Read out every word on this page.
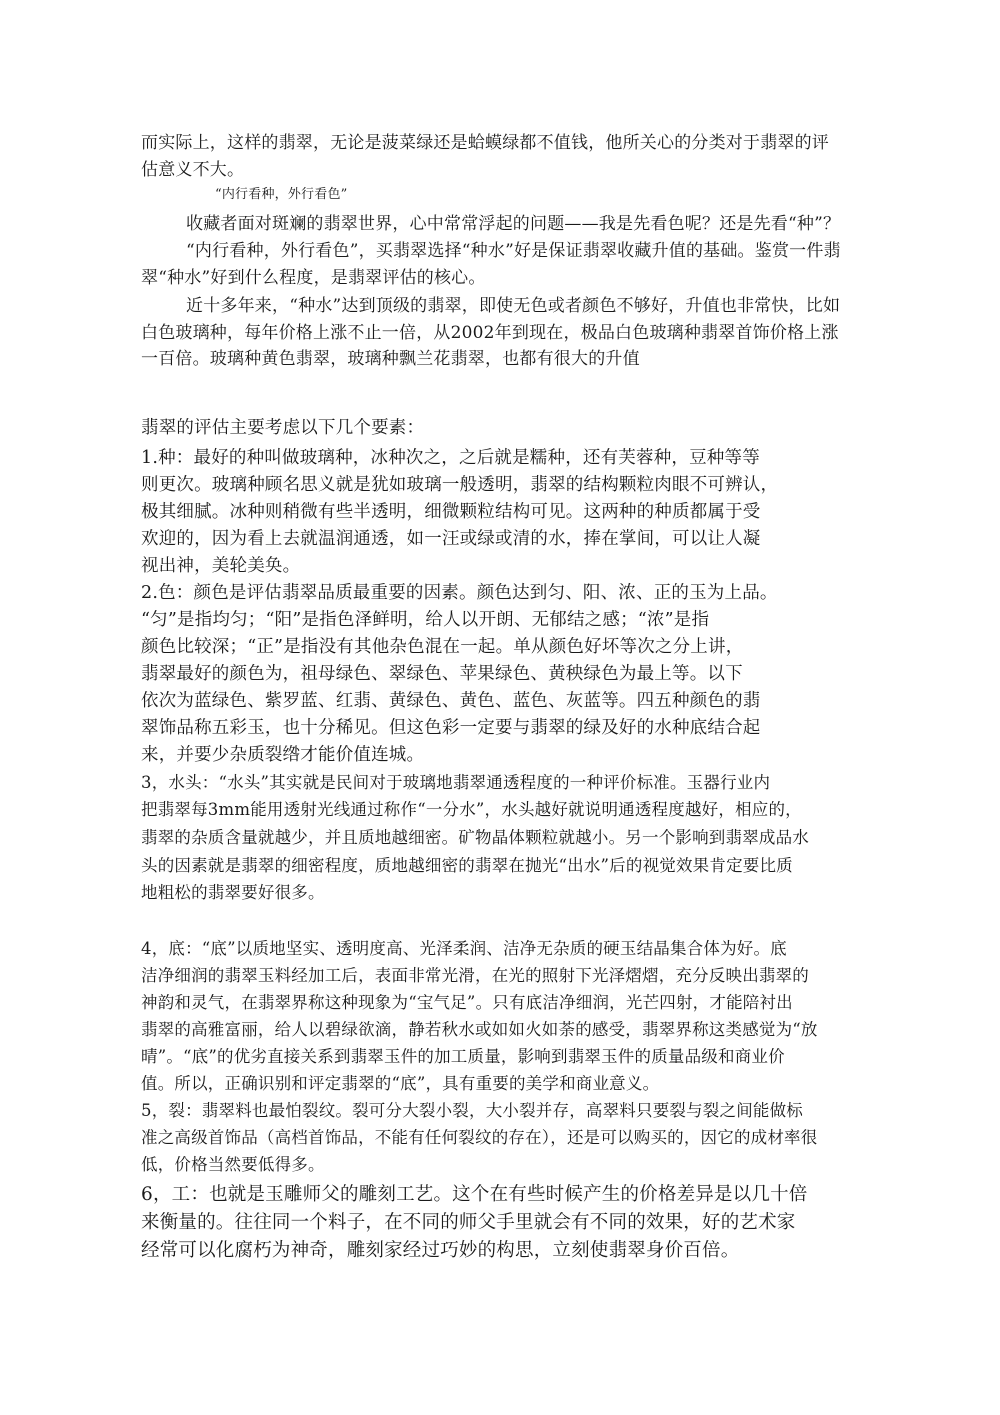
而实际上，这样的翡翠，无论是菠菜绿还是蛤蟆绿都不值钱，他所关心的分类对于翡翠的评
估意义不大。
“内行看种，外行看色”
收藏者面对斑斓的翡翠世界，心中常常浮起的问题——我是先看色呢？还是先看“种”？
“内行看种，外行看色”，买翡翠选择“种水”好是保证翡翠收藏升值的基础。鉴赏一件翡
翠“种水”好到什么程度，是翡翠评估的核心。
近十多年来，“种水”达到顶级的翡翠，即使无色或者颜色不够好，升值也非常快，比如
白色玻璃种，每年价格上涨不止一倍，从2002年到现在，极品白色玻璃种翡翠首饰价格上涨
一百倍。玻璃种黄色翡翠，玻璃种飘兰花翡翠，也都有很大的升值
翡翠的评估主要考虑以下几个要素：
1.种：最好的种叫做玻璃种，冰种次之，之后就是糯种，还有芙蓉种，豆种等等
则更次。玻璃种顾名思义就是犹如玻璃一般透明，翡翠的结构颗粒肉眼不可辨认，
极其细腻。冰种则稍微有些半透明，细微颗粒结构可见。这两种的种质都属于受
欢迎的，因为看上去就温润通透，如一汪或绿或清的水，捧在掌间，可以让人凝
视出神，美轮美奂。
2.色：颜色是评估翡翠品质最重要的因素。颜色达到匀、阳、浓、正的玉为上品。
“匀”是指均匀；“阳”是指色泽鲜明，给人以开朗、无郁结之感；“浓”是指
颜色比较深；“正”是指没有其他杂色混在一起。单从颜色好坏等次之分上讲，
翡翠最好的颜色为，祖母绿色、翠绿色、苹果绿色、黄秧绿色为最上等。以下
依次为蓝绿色、紫罗蓝、红翡、黄绿色、黄色、蓝色、灰蓝等。四五种颜色的翡
翠饰品称五彩玉，也十分稀见。但这色彩一定要与翡翠的绿及好的水种底结合起
来，并要少杂质裂绺才能价值连城。
3，水头：“水头”其实就是民间对于玻璃地翡翠通透程度的一种评价标准。玉器行业内
把翡翠每3mm能用透射光线通过称作“一分水”，水头越好就说明通透程度越好，相应的，
翡翠的杂质含量就越少，并且质地越细密。矿物晶体颗粒就越小。另一个影响到翡翠成品水
头的因素就是翡翠的细密程度，质地越细密的翡翠在抛光“出水”后的视觉效果肯定要比质
地粗松的翡翠要好很多。
4，底：“底”以质地坚实、透明度高、光泽柔润、洁净无杂质的硬玉结晶集合体为好。底
洁净细润的翡翠玉料经加工后，表面非常光滑，在光的照射下光泽熠熠，充分反映出翡翠的
神韵和灵气，在翡翠界称这种现象为“宝气足”。只有底洁净细润，光芒四射，才能陪衬出
翡翠的高雅富丽，给人以碧绿欲滴，静若秋水或如如火如荼的感受，翡翠界称这类感觉为“放
晴”。“底”的优劣直接关系到翡翠玉件的加工质量，影响到翡翠玉件的质量品级和商业价
值。所以，正确识别和评定翡翠的“底”，具有重要的美学和商业意义。
5，裂：翡翠料也最怕裂纹。裂可分大裂小裂，大小裂并存，高翠料只要裂与裂之间能做标
准之高级首饰品（高档首饰品，不能有任何裂纹的存在），还是可以购买的，因它的成材率很
低，价格当然要低得多。
6，工：也就是玉雕师父的雕刻工艺。这个在有些时候产生的价格差异是以几十倍
来衡量的。往往同一个料子，在不同的师父手里就会有不同的效果，好的艺术家
经常可以化腐朽为神奇，雕刻家经过巧妙的构思，立刻使翡翠身价百倍。
